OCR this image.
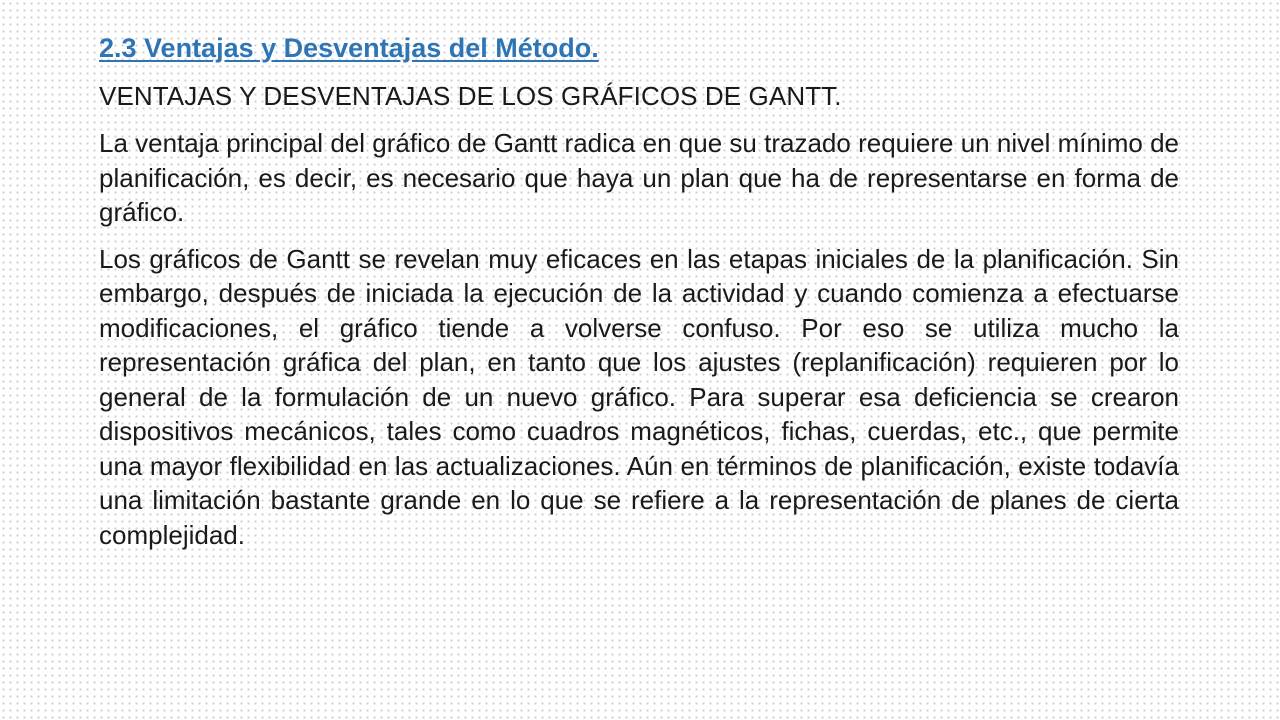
2.3 Ventajas y Desventajas del Método.
VENTAJAS Y DESVENTAJAS DE LOS GRÁFICOS DE GANTT.

La ventaja principal del gráfico de Gantt radica en que su trazado requiere un nivel mínimo de planificación, es decir, es necesario que haya un plan que ha de representarse en forma de gráfico.

Los gráficos de Gantt se revelan muy eficaces en las etapas iniciales de la planificación. Sin embargo, después de iniciada la ejecución de la actividad y cuando comienza a efectuarse modificaciones, el gráfico tiende a volverse confuso. Por eso se utiliza mucho la representación gráfica del plan, en tanto que los ajustes (replanificación) requieren por lo general de la formulación de un nuevo gráfico. Para superar esa deficiencia se crearon dispositivos mecánicos, tales como cuadros magnéticos, fichas, cuerdas, etc., que permite una mayor flexibilidad en las actualizaciones. Aún en términos de planificación, existe todavía una limitación bastante grande en lo que se refiere a la representación de planes de cierta complejidad.
